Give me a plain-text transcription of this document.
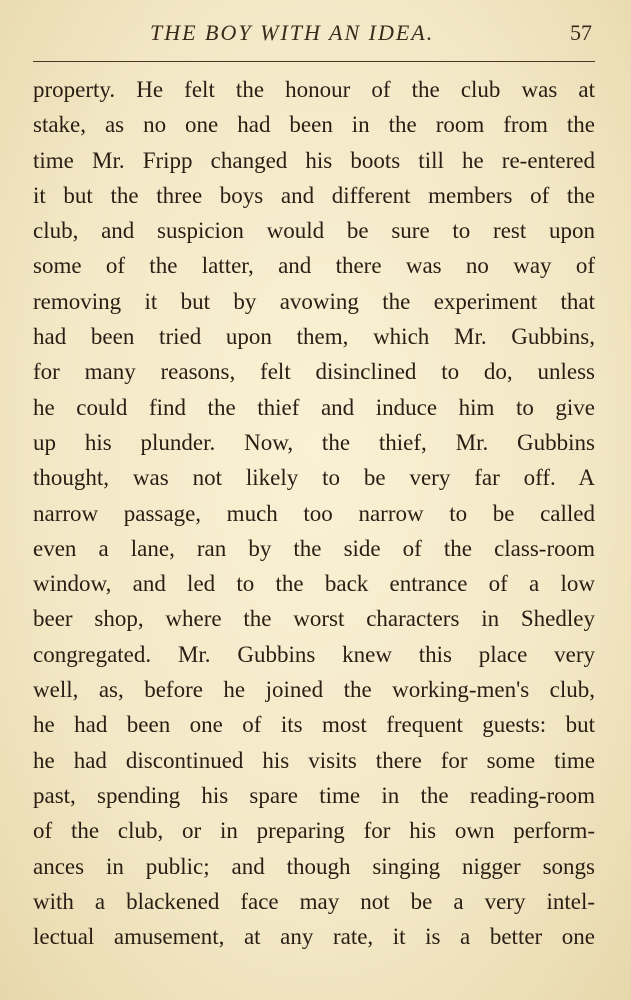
THE BOY WITH AN IDEA.	57
property. He felt the honour of the club was at
stake, as no one had been in the room from the
time Mr. Fripp changed his boots till he re-entered
it but the three boys and different members of the
club, and suspicion would be sure to rest upon
some of the latter, and there was no way of
removing it but by avowing the experiment that
had been tried upon them, which Mr. Gubbins,
for many reasons, felt disinclined to do, unless
he could find the thief and induce him to give
up his plunder. Now, the thief, Mr. Gubbins
thought, was not likely to be very far off. A
narrow passage, much too narrow to be called
even a lane, ran by the side of the class-room
window, and led to the back entrance of a low
beer shop, where the worst characters in Shedley
congregated. Mr. Gubbins knew this place very
well, as, before he joined the working-men's club,
he had been one of its most frequent guests: but
he had discontinued his visits there for some time
past, spending his spare time in the reading-room
of the club, or in preparing for his own perform-
ances in public; and though singing nigger songs
with a blackened face may not be a very intel-
lectual amusement, at any rate, it is a better one
